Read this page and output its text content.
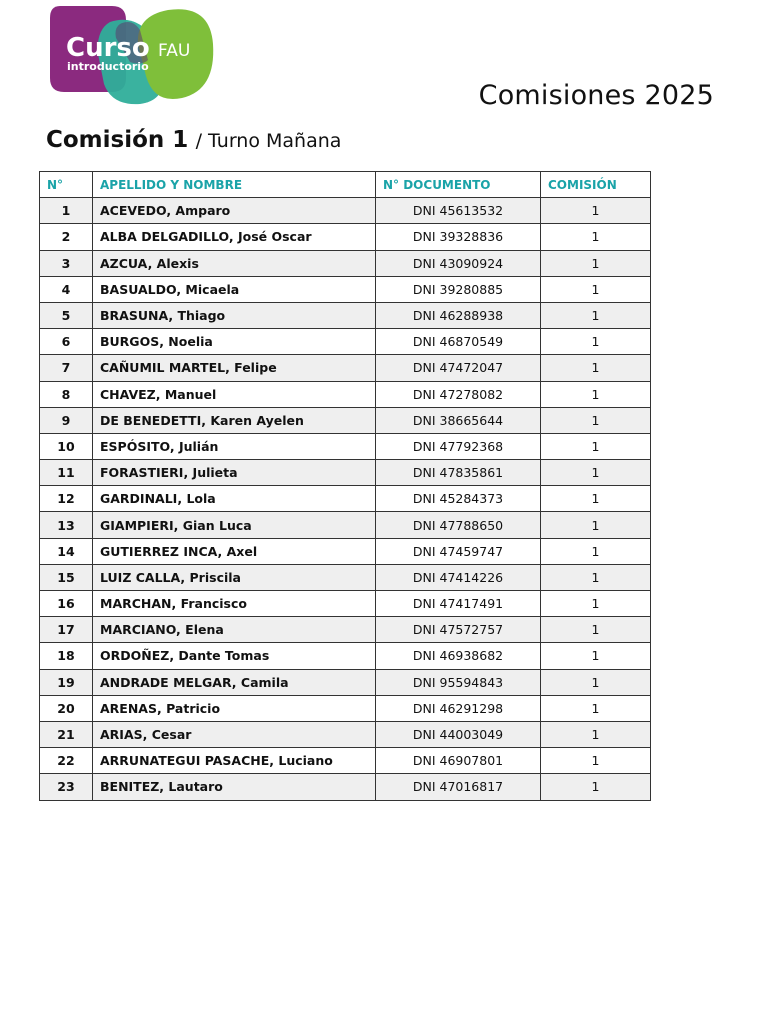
Curso FAU
introductorio
Comisiones 2025
Comisión 1 / Turno Mañana
N°	APELLIDO Y NOMBRE	N° DOCUMENTO	COMISIÓN
1	ACEVEDO, Amparo	DNI 45613532	1
2	ALBA DELGADILLO, José Oscar	DNI 39328836	1
3	AZCUA, Alexis	DNI 43090924	1
4	BASUALDO, Micaela	DNI 39280885	1
5	BRASUNA, Thiago	DNI 46288938	1
6	BURGOS, Noelia	DNI 46870549	1
7	CAÑUMIL MARTEL, Felipe	DNI 47472047	1
8	CHAVEZ, Manuel	DNI 47278082	1
9	DE BENEDETTI, Karen Ayelen	DNI 38665644	1
10	ESPÓSITO, Julián	DNI 47792368	1
11	FORASTIERI, Julieta	DNI 47835861	1
12	GARDINALI, Lola	DNI 45284373	1
13	GIAMPIERI, Gian Luca	DNI 47788650	1
14	GUTIERREZ INCA, Axel	DNI 47459747	1
15	LUIZ CALLA, Priscila	DNI 47414226	1
16	MARCHAN, Francisco	DNI 47417491	1
17	MARCIANO, Elena	DNI 47572757	1
18	ORDOÑEZ, Dante Tomas	DNI 46938682	1
19	ANDRADE MELGAR, Camila	DNI 95594843	1
20	ARENAS, Patricio	DNI 46291298	1
21	ARIAS, Cesar	DNI 44003049	1
22	ARRUNATEGUI PASACHE, Luciano	DNI 46907801	1
23	BENITEZ, Lautaro	DNI 47016817	1
